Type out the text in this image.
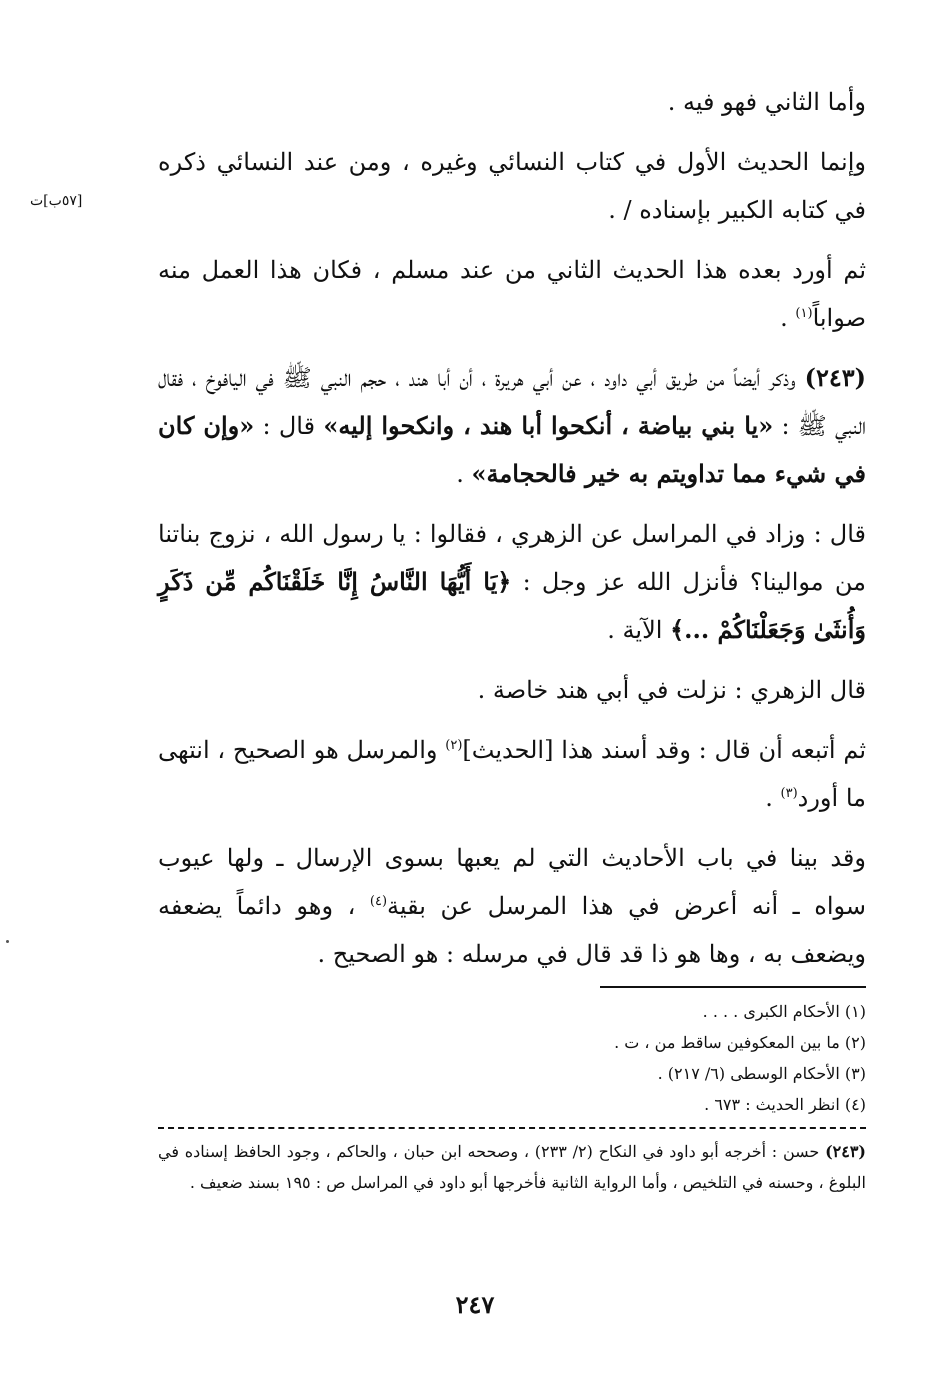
[٥٧ب]ت

وأما الثاني فهو فيه .

وإنما الحديث الأول في كتاب النسائي وغيره ، ومن عند النسائي ذكره في كتابه الكبير بإسناده / .

ثم أورد بعده هذا الحديث الثاني من عند مسلم ، فكان هذا العمل منه صواباً$^{(١)}$ .

(٢٤٣) وذكر أيضاً من طريق أبي داود ، عن أبي هريرة ، أن أبا هند ، حجم النبي ﷺ في اليافوخ ، فقال النبي ﷺ : «يا بني بياضة ، أنكحوا أبا هند ، وانكحوا إليه» قال : «وإن كان في شيء مما تداويتم به خير فالحجامة» .

قال : وزاد في المراسل عن الزهري ، فقالوا : يا رسول الله ، نزوج بناتنا من موالينا؟ فأنزل الله عز وجل : ﴿يَا أَيُّهَا النَّاسُ إِنَّا خَلَقْنَاكُم مِّن ذَكَرٍ وَأُنثَىٰ وَجَعَلْنَاكُمْ ...﴾ الآية .

قال الزهري : نزلت في أبي هند خاصة .

ثم أتبعه أن قال : وقد أسند هذا [الحديث]$^{(٢)}$ والمرسل هو الصحيح ، انتهى ما أورد$^{(٣)}$ .

وقد بينا في باب الأحاديث التي لم يعبها بسوى الإرسال ـ ولها عيوب سواه ـ أنه أعرض في هذا المرسل عن بقية$^{(٤)}$ ، وهو دائماً يضعفه ويضعف به ، وها هو ذا قد قال في مرسله : هو الصحيح .

(١) الأحكام الكبرى . . . .
(٢) ما بين المعكوفين ساقط من ، ت .
(٣) الأحكام الوسطى (٦/ ٢١٧) .
(٤) انظر الحديث : ٦٧٣ .
(٢٤٣) حسن : أخرجه أبو داود في النكاح (٢/ ٢٣٣) ، وصححه ابن حبان ، والحاكم ، وجود الحافظ إسناده في البلوغ ، وحسنه في التلخيص ، وأما الرواية الثانية فأخرجها أبو داود في المراسل ص : ١٩٥ بسند ضعيف .
٢٤٧
